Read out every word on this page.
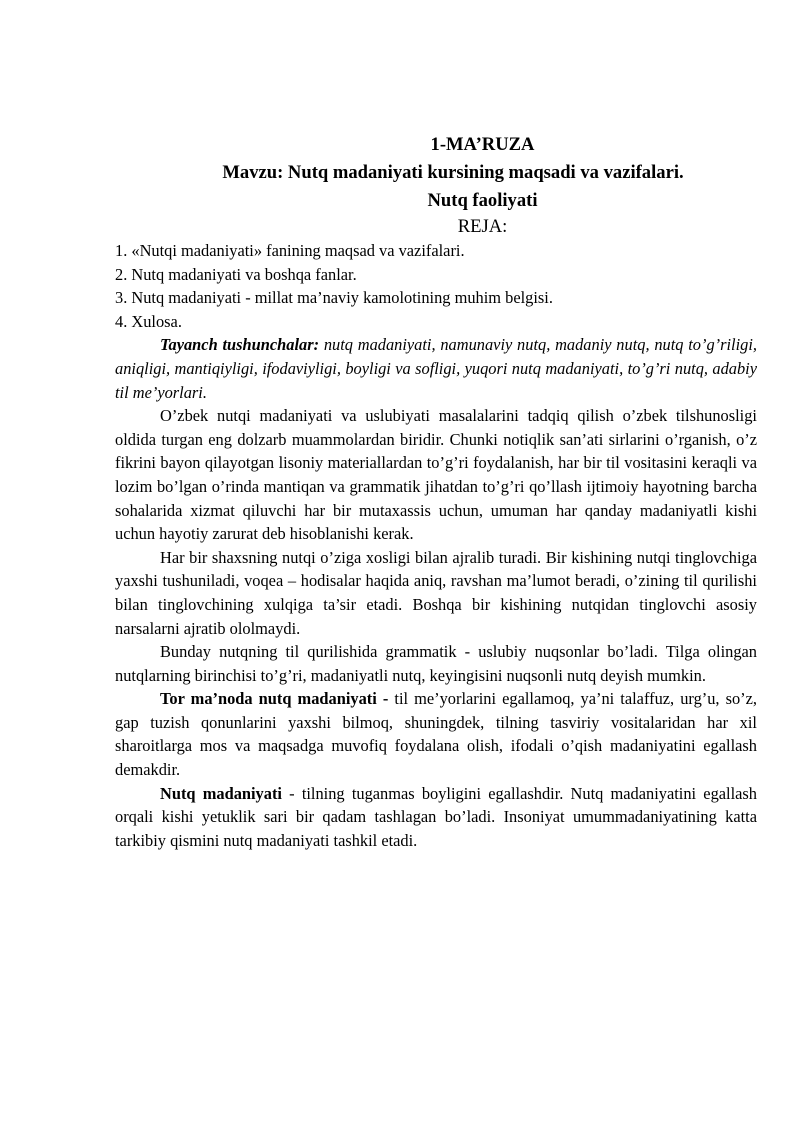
1-MA’RUZA
Mavzu: Nutq madaniyati kursining maqsadi va vazifalari.
Nutq faoliyati
REJA:
1. «Nutqi madaniyati» fanining maqsad va vazifalari.
2. Nutq madaniyati va boshqa fanlar.
3. Nutq madaniyati - millat ma’naviy kamolotining muhim belgisi.
4. Xulosa.

Tayanch tushunchalar: nutq madaniyati, namunaviy nutq, madaniy nutq, nutq to’g’riligi, aniqligi, mantiqiyligi, ifodaviyligi, boyligi va sofligi, yuqori nutq madaniyati, to’g’ri nutq, adabiy til me’yorlari.

O’zbek nutqi madaniyati va uslubiyati masalalarini tadqiq qilish o’zbek tilshunosligi oldida turgan eng dolzarb muammolardan biridir. Chunki notiqlik san’ati sirlarini o’rganish, o’z fikrini bayon qilayotgan lisoniy materiallardan to’g’ri foydalanish, har bir til vositasini keraqli va lozim bo’lgan o’rinda mantiqan va grammatik jihatdan to’g’ri qo’llash ijtimoiy hayotning barcha sohalarida xizmat qiluvchi har bir mutaxassis uchun, umuman har qanday madaniyatli kishi uchun hayotiy zarurat deb hisoblanishi kerak.

Har bir shaxsning nutqi o’ziga xosligi bilan ajralib turadi. Bir kishining nutqi tinglovchiga yaxshi tushuniladi, voqea – hodisalar haqida aniq, ravshan ma’lumot beradi, o’zining til qurilishi bilan tinglovchining xulqiga ta’sir etadi. Boshqa bir kishining nutqidan tinglovchi asosiy narsalarni ajratib ololmaydi.

Bunday nutqning til qurilishida grammatik - uslubiy nuqsonlar bo’ladi. Tilga olingan nutqlarning birinchisi to’g’ri, madaniyatli nutq, keyingisini nuqsonli nutq deyish mumkin.

Tor ma’noda nutq madaniyati - til me’yorlarini egallamoq, ya’ni talaffuz, urg’u, so’z, gap tuzish qonunlarini yaxshi bilmoq, shuningdek, tilning tasviriy vositalaridan har xil sharoitlarga mos va maqsadga muvofiq foydalana olish, ifodali o’qish madaniyatini egallash demakdir.

Nutq madaniyati - tilning tuganmas boyligini egallashdir. Nutq madaniyatini egallash orqali kishi yetuklik sari bir qadam tashlagan bo’ladi. Insoniyat umummadaniyatining katta tarkibiy qismini nutq madaniyati tashkil etadi.
